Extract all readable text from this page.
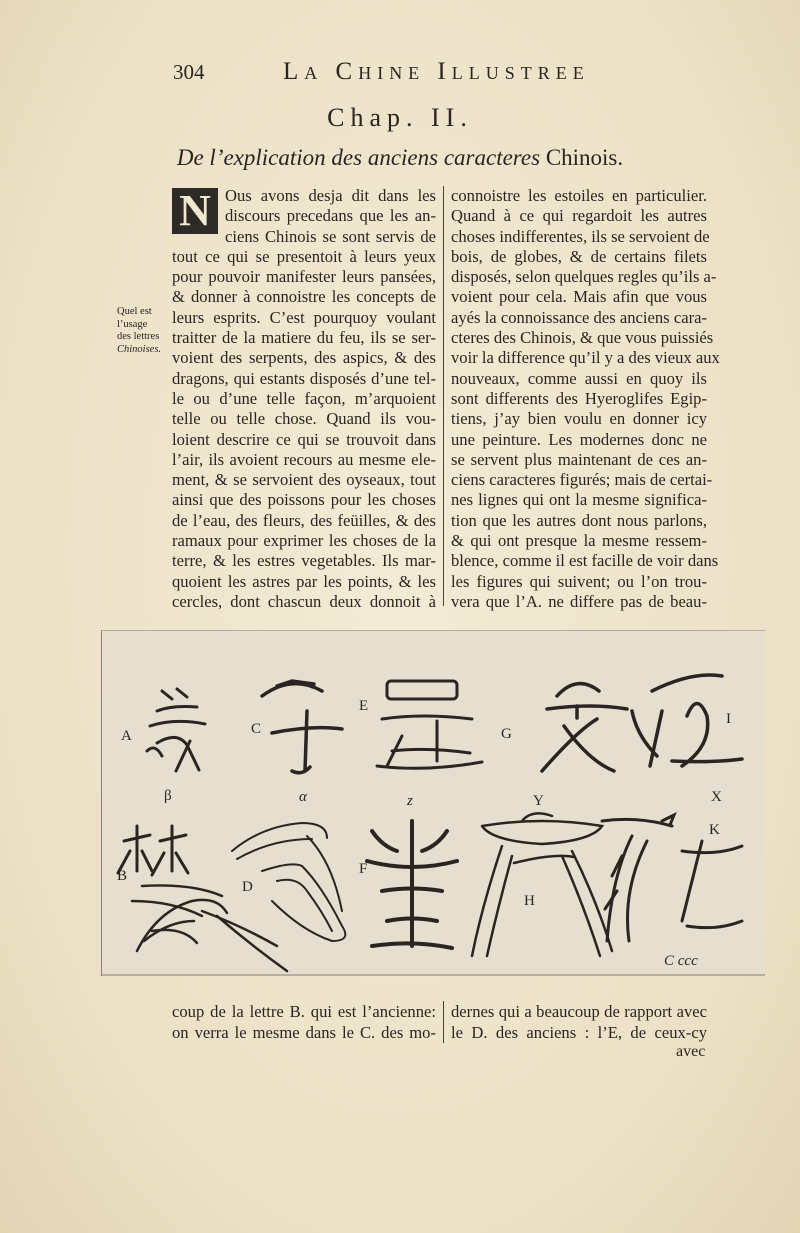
304	La Chine Illustree
Chap. II.
De l’explication des anciens caracteres Chinois.
N Ous avons desja dit dans les
discours precedans que les an-
ciens Chinois se sont servis de
tout ce qui se presentoit à leurs yeux
pour pouvoir manifester leurs pansées,
& donner à connoistre les concepts de
leurs esprits. C’est pourquoy voulant
traitter de la matiere du feu, ils se ser-
voient des serpents, des aspics, & des
dragons, qui estants disposés d’une tel-
le ou d’une telle façon, m’arquoient
telle ou telle chose. Quand ils vou-
loient descrire ce qui se trouvoit dans
l’air, ils avoient recours au mesme ele-
ment, & se servoient des oyseaux, tout
ainsi que des poissons pour les choses
de l’eau, des fleurs, des feüilles, & des
ramaux pour exprimer les choses de la
terre, & les estres vegetables. Ils mar-
quoient les astres par les points, & les
cercles, dont chascun deux donnoit à
connoistre les estoiles en particulier.
Quand à ce qui regardoit les autres
choses indifferentes, ils se servoient de
bois, de globes, & de certains filets
disposés, selon quelques regles qu’ils a-
voient pour cela. Mais afin que vous
ayés la connoissance des anciens cara-
cteres des Chinois, & que vous puissiés
voir la difference qu’il y a des vieux aux
nouveaux, comme aussi en quoy ils
sont differents des Hyeroglifes Egip-
tiens, j’ay bien voulu en donner icy
une peinture. Les modernes donc ne
se servent plus maintenant de ces an-
ciens caracteres figurés; mais de certai-
nes lignes qui ont la mesme significa-
tion que les autres dont nous parlons,
& qui ont presque la mesme ressem-
blence, comme il est facille de voir dans
les figures qui suivent; ou l’on trou-
vera que l’A. ne differe pas de beau-
Quel est
l’usage
des lettres
Chinoises.
A	C
E
G
I
β	α	z	Y	X
K
B
D
F
H
C ccc
coup de la lettre B. qui est l’ancienne:
on verra le mesme dans le C. des mo-
dernes qui a beaucoup de rapport avec
le D. des anciens : l’E, de ceux-cy
avec
